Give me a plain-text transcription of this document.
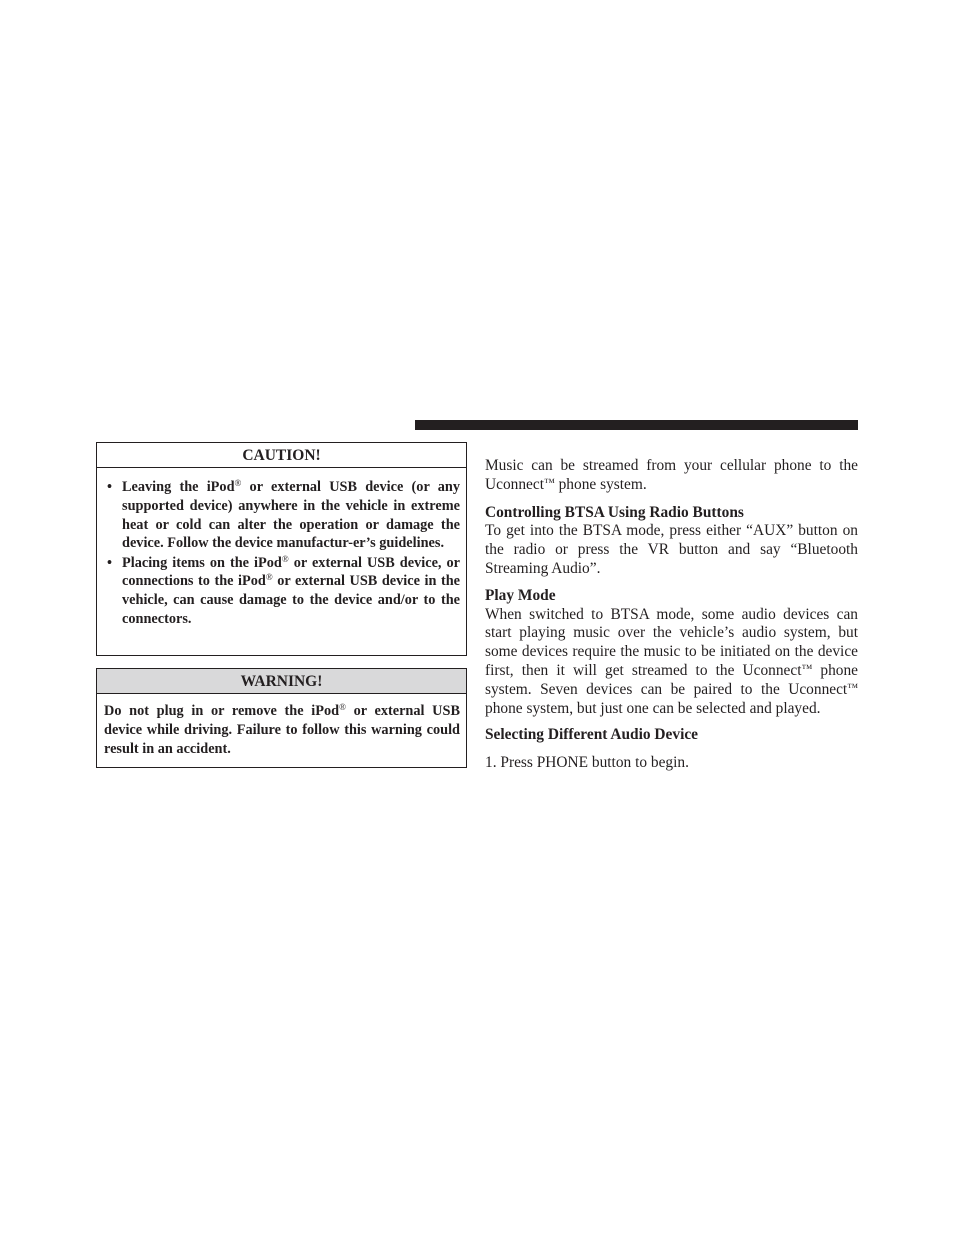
CAUTION!
• Leaving the iPod® or external USB device (or any supported device) anywhere in the vehicle in extreme heat or cold can alter the operation or damage the device. Follow the device manufactur-er’s guidelines.
• Placing items on the iPod® or external USB device, or connections to the iPod® or external USB device in the vehicle, can cause damage to the device and/or to the connectors.
WARNING!
Do not plug in or remove the iPod® or external USB device while driving. Failure to follow this warning could result in an accident.

Music can be streamed from your cellular phone to the Uconnect™ phone system.

Controlling BTSA Using Radio Buttons

To get into the BTSA mode, press either “AUX” button on the radio or press the VR button and say “Bluetooth Streaming Audio”.

Play Mode

When switched to BTSA mode, some audio devices can start playing music over the vehicle’s audio system, but some devices require the music to be initiated on the device first, then it will get streamed to the Uconnect™ phone system. Seven devices can be paired to the Uconnect™ phone system, but just one can be selected and played.

Selecting Different Audio Device

1. Press PHONE button to begin.
